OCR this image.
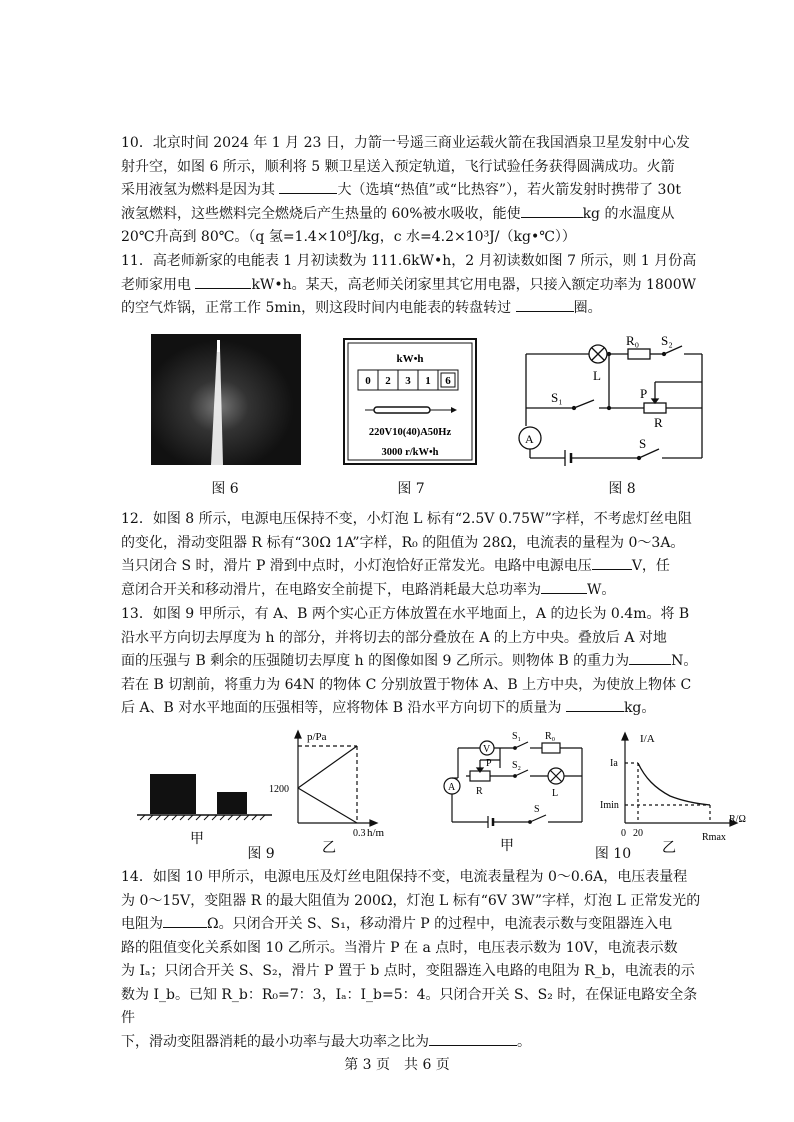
10．北京时间 2024 年 1 月 23 日，力箭一号遥三商业运载火箭在我国酒泉卫星发射中心发
射升空，如图 6 所示，顺利将 5 颗卫星送入预定轨道，飞行试验任务获得圆满成功。火箭
采用液氢为燃料是因为其	大（选填“热值”或“比热容”），若火箭发射时携带了 30t
液氢燃料，这些燃料完全燃烧后产生热量的 60%被水吸收，能使	kg 的水温度从
20℃升高到 80℃。（q 氢=1.4×10⁸J/kg，c 水=4.2×10³J/（kg•℃））
11．高老师新家的电能表 1 月初读数为 111.6kW•h，2 月初读数如图 7 所示，则 1 月份高
老师家用电	kW•h。某天，高老师关闭家里其它用电器，只接入额定功率为 1800W
的空气炸锅，正常工作 5min，则这段时间内电能表的转盘转过	圈。
图 6
kW•h
0 2 3 1 6
220V10(40)A50Hz
3000 r/kW•h
图 7
R₀ S₂
L
S₁	P
R
A	S
图 8
12．如图 8 所示，电源电压保持不变，小灯泡 L 标有“2.5V 0.75W”字样，不考虑灯丝电阻
的变化，滑动变阻器 R 标有“30Ω 1A”字样，R₀ 的阻值为 28Ω，电流表的量程为 0～3A。
当只闭合 S 时，滑片 P 滑到中点时，小灯泡恰好正常发光。电路中电源电压	V，任
意闭合开关和移动滑片，在电路安全前提下，电路消耗最大总功率为	W。
13．如图 9 甲所示，有 A、B 两个实心正方体放置在水平地面上，A 的边长为 0.4m。将 B
沿水平方向切去厚度为 h 的部分，并将切去的部分叠放在 A 的上方中央。叠放后 A 对地
面的压强与 B 剩余的压强随切去厚度 h 的图像如图 9 乙所示。则物体 B 的重力为	N。
若在 B 切割前，将重力为 64N 的物体 C 分别放置于物体 A、B 上方中央，为使放上物体 C
后 A、B 对水平地面的压强相等，应将物体 B 沿水平方向切下的质量为	kg。
p/Pa
1200
0.3 h/m
甲
乙
图 9
V
A
S₁ R₀
P
R
S₂
L
S
I/A
Ia
Imin
0 20	Rmax
R/Ω
甲	乙
图 10
14．如图 10 甲所示，电源电压及灯丝电阻保持不变，电流表量程为 0～0.6A，电压表量程
为 0～15V，变阻器 R 的最大阻值为 200Ω，灯泡 L 标有“6V 3W”字样，灯泡 L 正常发光的
电阻为	Ω。只闭合开关 S、S₁，移动滑片 P 的过程中，电流表示数与变阻器连入电
路的阻值变化关系如图 10 乙所示。当滑片 P 在 a 点时，电压表示数为 10V，电流表示数
为 Iₐ；只闭合开关 S、S₂，滑片 P 置于 b 点时，变阻器连入电路的电阻为 R_b，电流表的示
数为 I_b。已知 R_b：R₀=7：3，Iₐ：I_b=5：4。只闭合开关 S、S₂ 时，在保证电路安全条件
下，滑动变阻器消耗的最小功率与最大功率之比为	。
第 3 页　共 6 页
